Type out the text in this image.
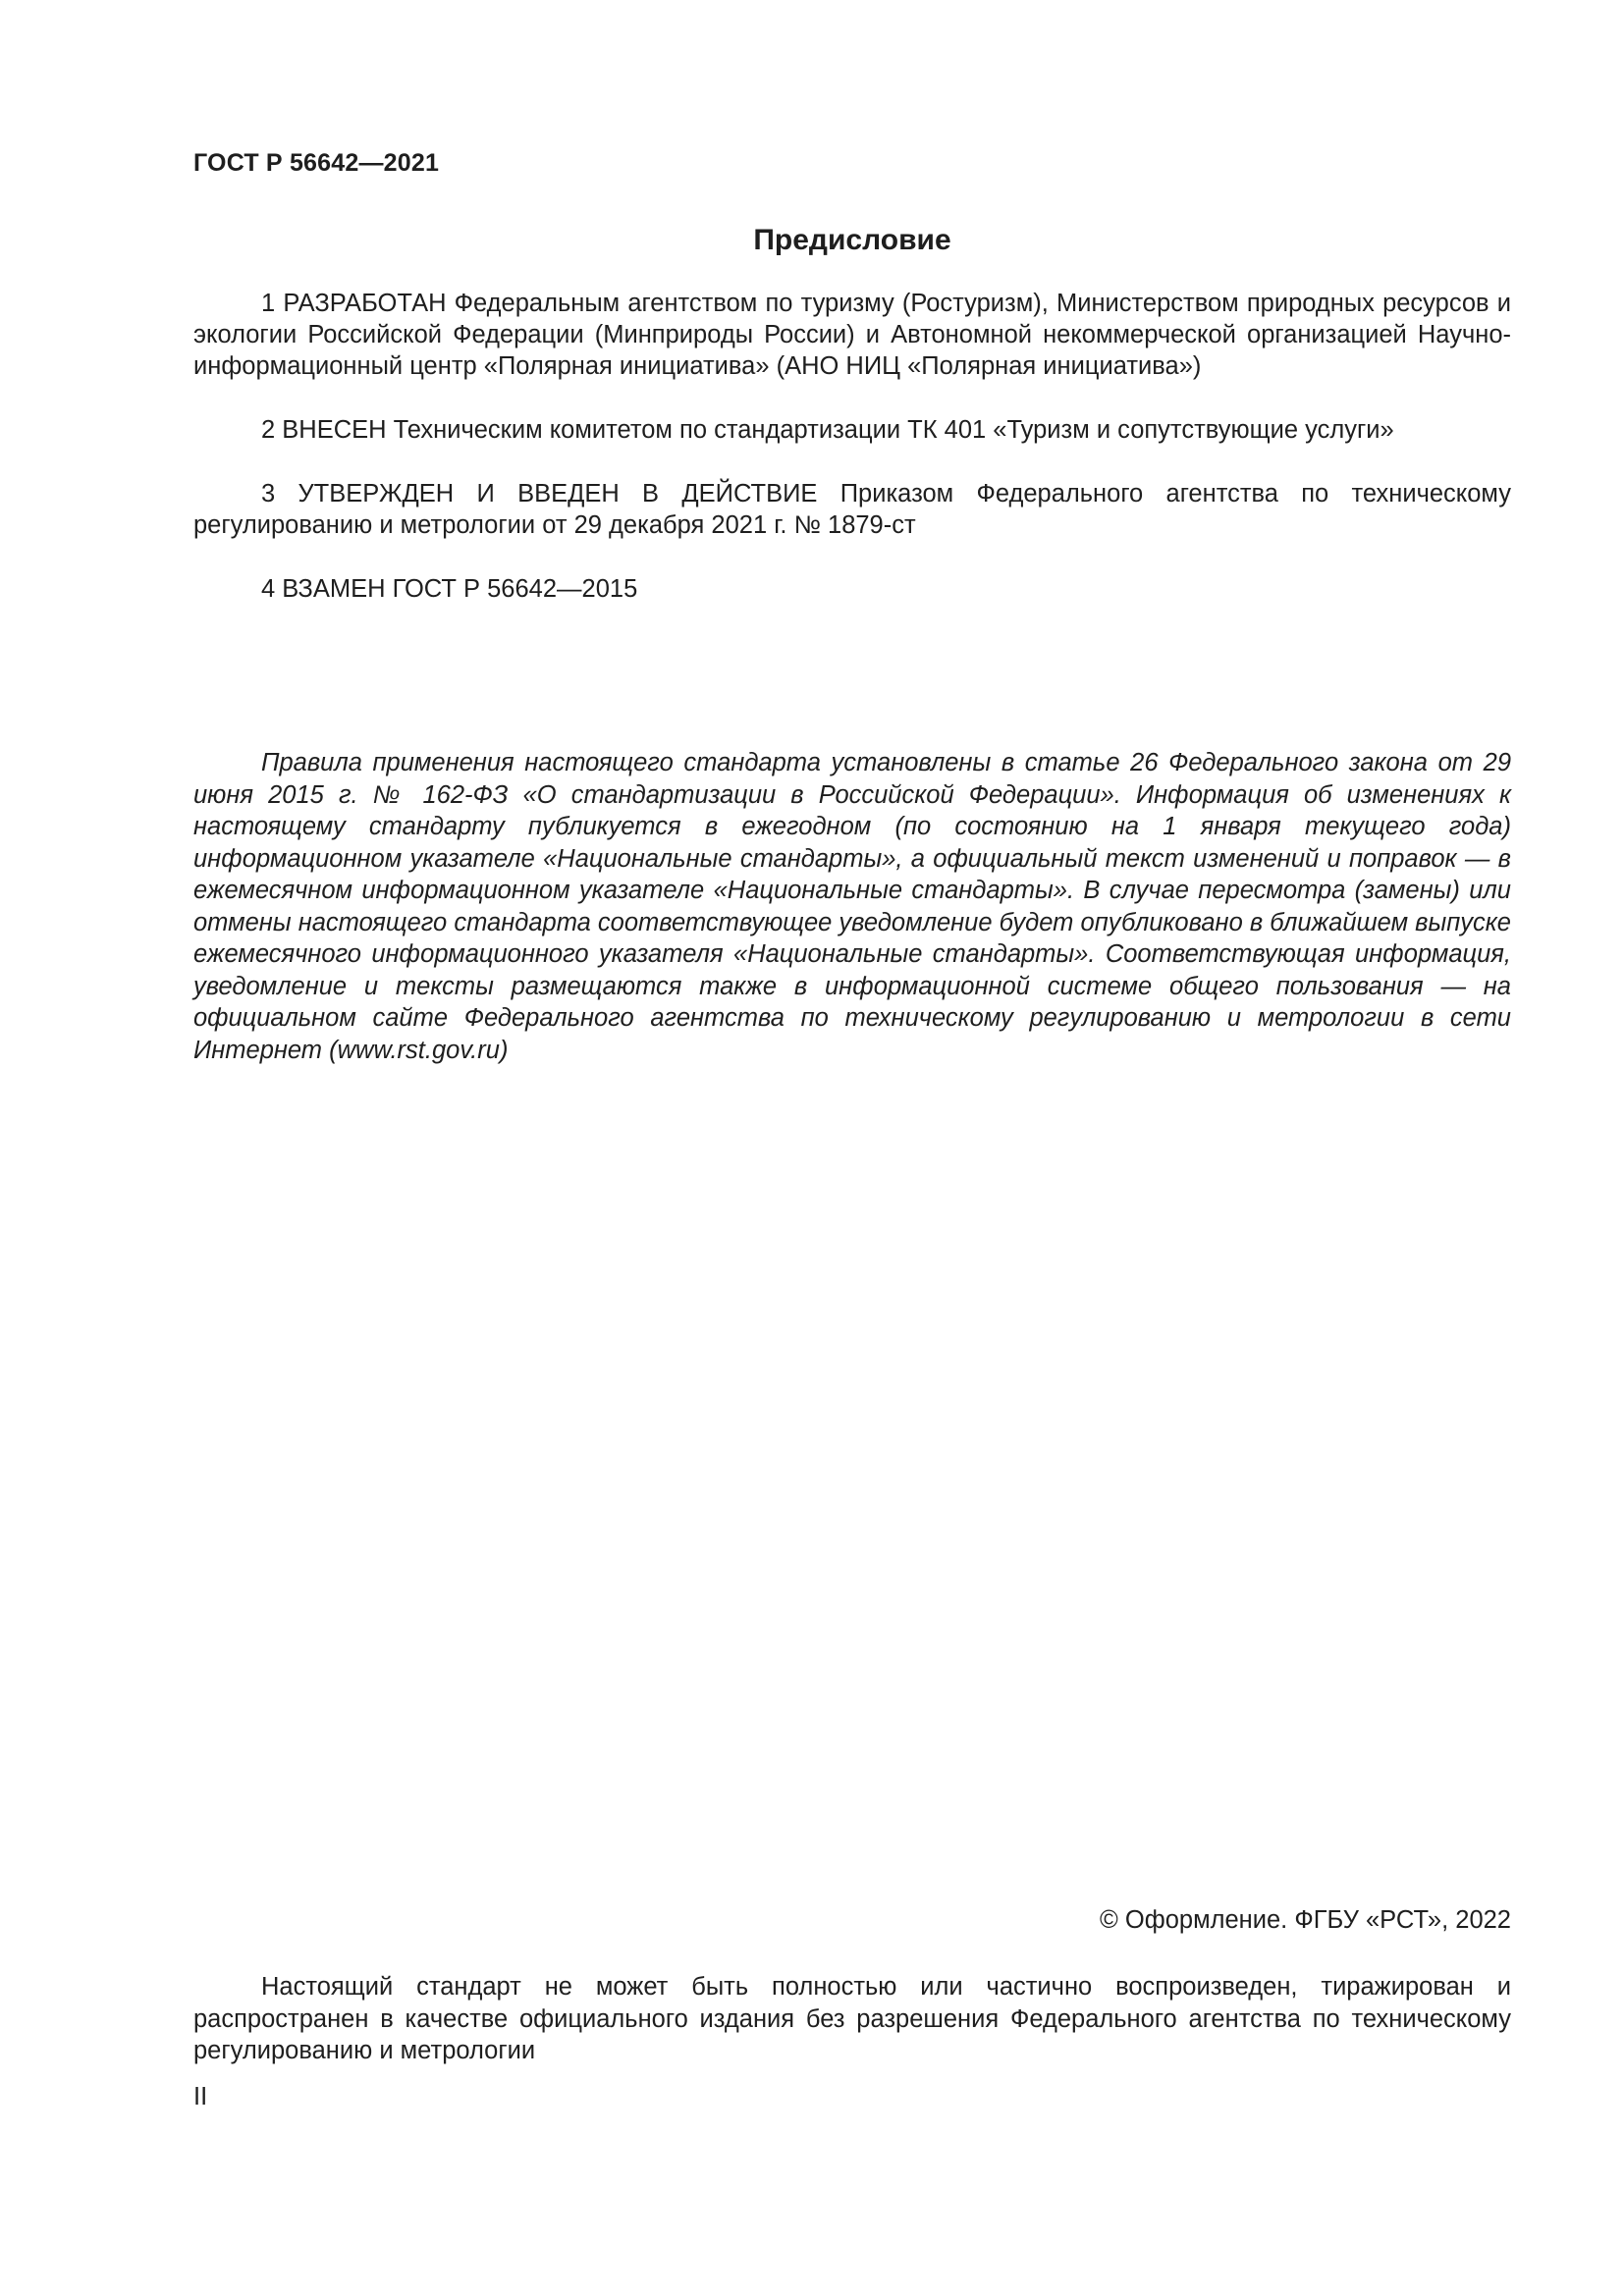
ГОСТ Р 56642—2021
Предисловие

1 РАЗРАБОТАН Федеральным агентством по туризму (Ростуризм), Министерством природных ресурсов и экологии Российской Федерации (Минприроды России) и Автономной некоммерческой организацией Научно-информационный центр «Полярная инициатива» (АНО НИЦ «Полярная инициатива»)

2 ВНЕСЕН Техническим комитетом по стандартизации ТК 401 «Туризм и сопутствующие услуги»

3 УТВЕРЖДЕН И ВВЕДЕН В ДЕЙСТВИЕ Приказом Федерального агентства по техническому регулированию и метрологии от 29 декабря 2021 г. № 1879-ст

4 ВЗАМЕН ГОСТ Р 56642—2015

Правила применения настоящего стандарта установлены в статье 26 Федерального закона от 29 июня 2015 г. № 162-ФЗ «О стандартизации в Российской Федерации». Информация об изменениях к настоящему стандарту публикуется в ежегодном (по состоянию на 1 января текущего года) информационном указателе «Национальные стандарты», а официальный текст изменений и поправок — в ежемесячном информационном указателе «Национальные стандарты». В случае пересмотра (замены) или отмены настоящего стандарта соответствующее уведомление будет опубликовано в ближайшем выпуске ежемесячного информационного указателя «Национальные стандарты». Соответствующая информация, уведомление и тексты размещаются также в информационной системе общего пользования — на официальном сайте Федерального агентства по техническому регулированию и метрологии в сети Интернет (www.rst.gov.ru)

© Оформление. ФГБУ «РСТ», 2022

Настоящий стандарт не может быть полностью или частично воспроизведен, тиражирован и распространен в качестве официального издания без разрешения Федерального агентства по техническому регулированию и метрологии

II
